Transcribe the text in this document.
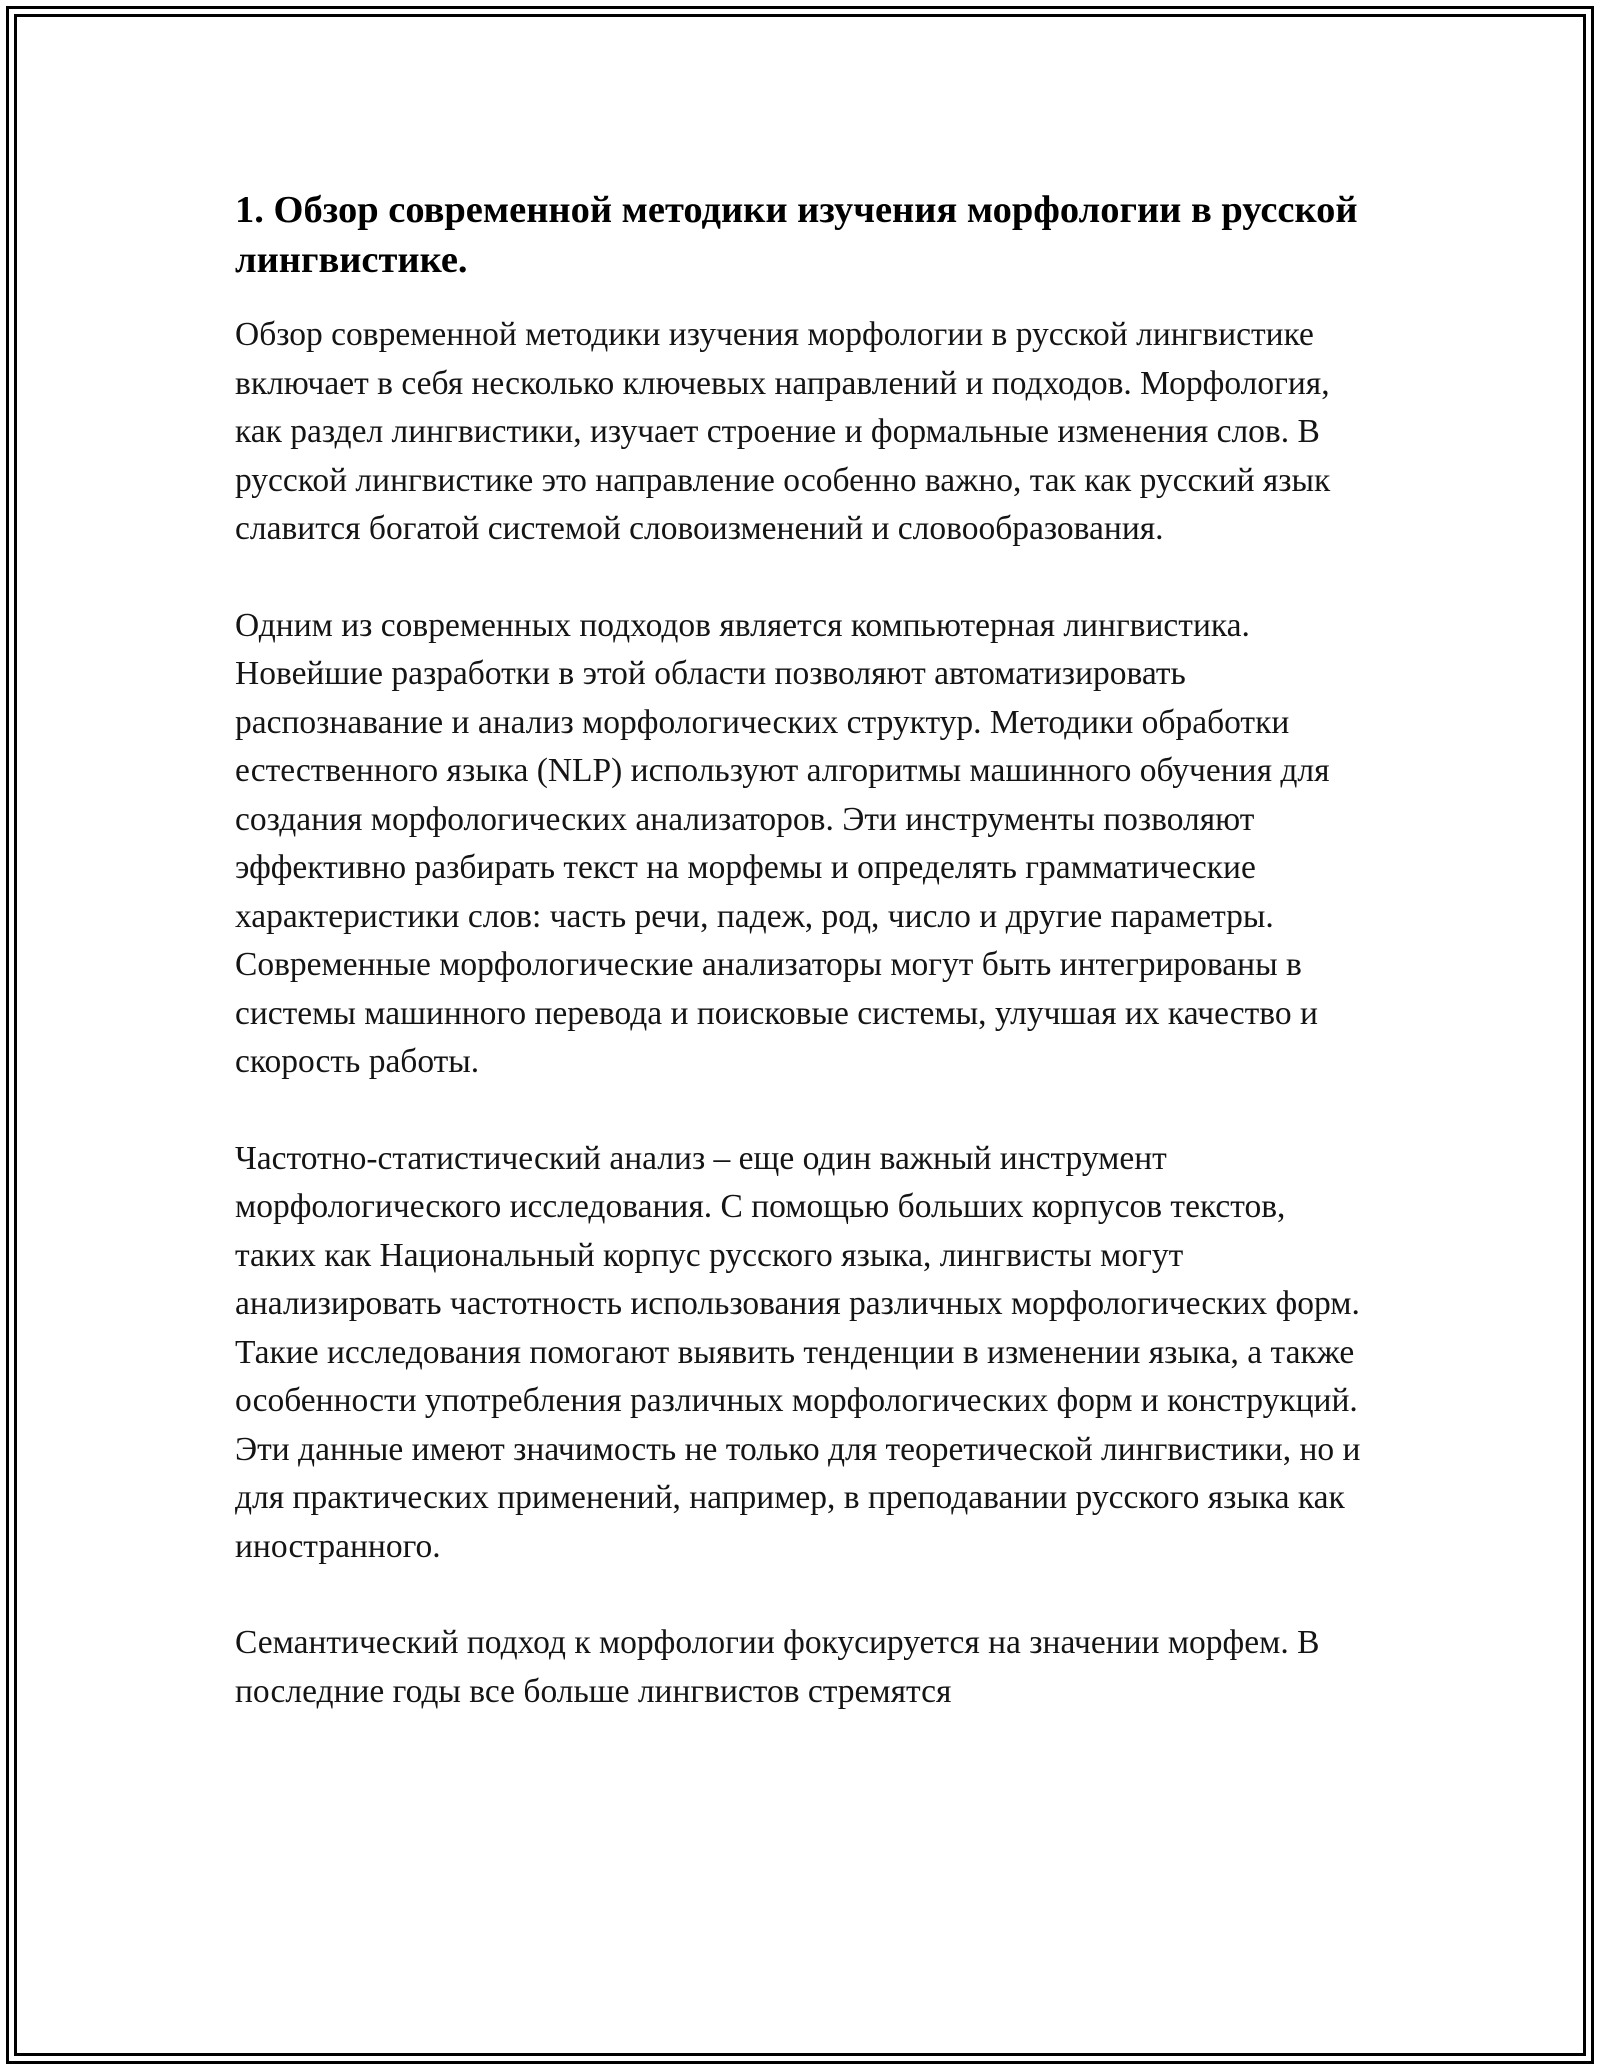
1. Обзор современной методики изучения морфологии в русской лингвистике.

Обзор современной методики изучения морфологии в русской лингвистике включает в себя несколько ключевых направлений и подходов. Морфология, как раздел лингвистики, изучает строение и формальные изменения слов. В русской лингвистике это направление особенно важно, так как русский язык славится богатой системой словоизменений и словообразования.

Одним из современных подходов является компьютерная лингвистика. Новейшие разработки в этой области позволяют автоматизировать распознавание и анализ морфологических структур. Методики обработки естественного языка (NLP) используют алгоритмы машинного обучения для создания морфологических анализаторов. Эти инструменты позволяют эффективно разбирать текст на морфемы и определять грамматические характеристики слов: часть речи, падеж, род, число и другие параметры. Современные морфологические анализаторы могут быть интегрированы в системы машинного перевода и поисковые системы, улучшая их качество и скорость работы.

Частотно-статистический анализ – еще один важный инструмент морфологического исследования. С помощью больших корпусов текстов, таких как Национальный корпус русского языка, лингвисты могут анализировать частотность использования различных морфологических форм. Такие исследования помогают выявить тенденции в изменении языка, а также особенности употребления различных морфологических форм и конструкций. Эти данные имеют значимость не только для теоретической лингвистики, но и для практических применений, например, в преподавании русского языка как иностранного.

Семантический подход к морфологии фокусируется на значении морфем. В последние годы все больше лингвистов стремятся
